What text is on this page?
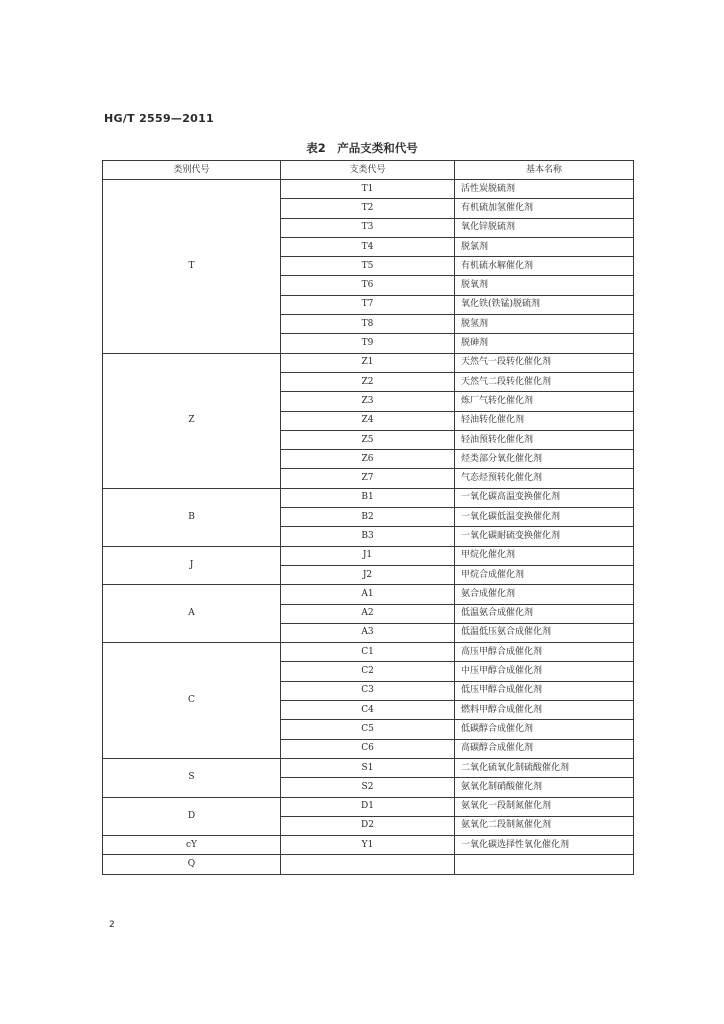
HG/T 2559—2011
表2　产品支类和代号
类别代号	支类代号	基本名称
T	T1	活性炭脱硫剂
	T2	有机硫加氢催化剂
	T3	氧化锌脱硫剂
	T4	脱氯剂
	T5	有机硫水解催化剂
	T6	脱氧剂
	T7	氧化铁(铁锰)脱硫剂
	T8	脱氢剂
	T9	脱砷剂
Z	Z1	天然气一段转化催化剂
	Z2	天然气二段转化催化剂
	Z3	炼厂气转化催化剂
	Z4	轻油转化催化剂
	Z5	轻油预转化催化剂
	Z6	烃类部分氧化催化剂
	Z7	气态烃预转化催化剂
B	B1	一氧化碳高温变换催化剂
	B2	一氧化碳低温变换催化剂
	B3	一氧化碳耐硫变换催化剂
J	J1	甲烷化催化剂
	J2	甲烷合成催化剂
A	A1	氨合成催化剂
	A2	低温氨合成催化剂
	A3	低温低压氨合成催化剂
C	C1	高压甲醇合成催化剂
	C2	中压甲醇合成催化剂
	C3	低压甲醇合成催化剂
	C4	燃料甲醇合成催化剂
	C5	低碳醇合成催化剂
	C6	高碳醇合成催化剂
S	S1	二氧化硫氧化制硫酸催化剂
	S2	氨氧化制硝酸催化剂
D	D1	氨氧化一段制氮催化剂
	D2	氨氧化二段制氮催化剂
cY	Y1	一氧化碳选择性氧化催化剂
Q		
2
